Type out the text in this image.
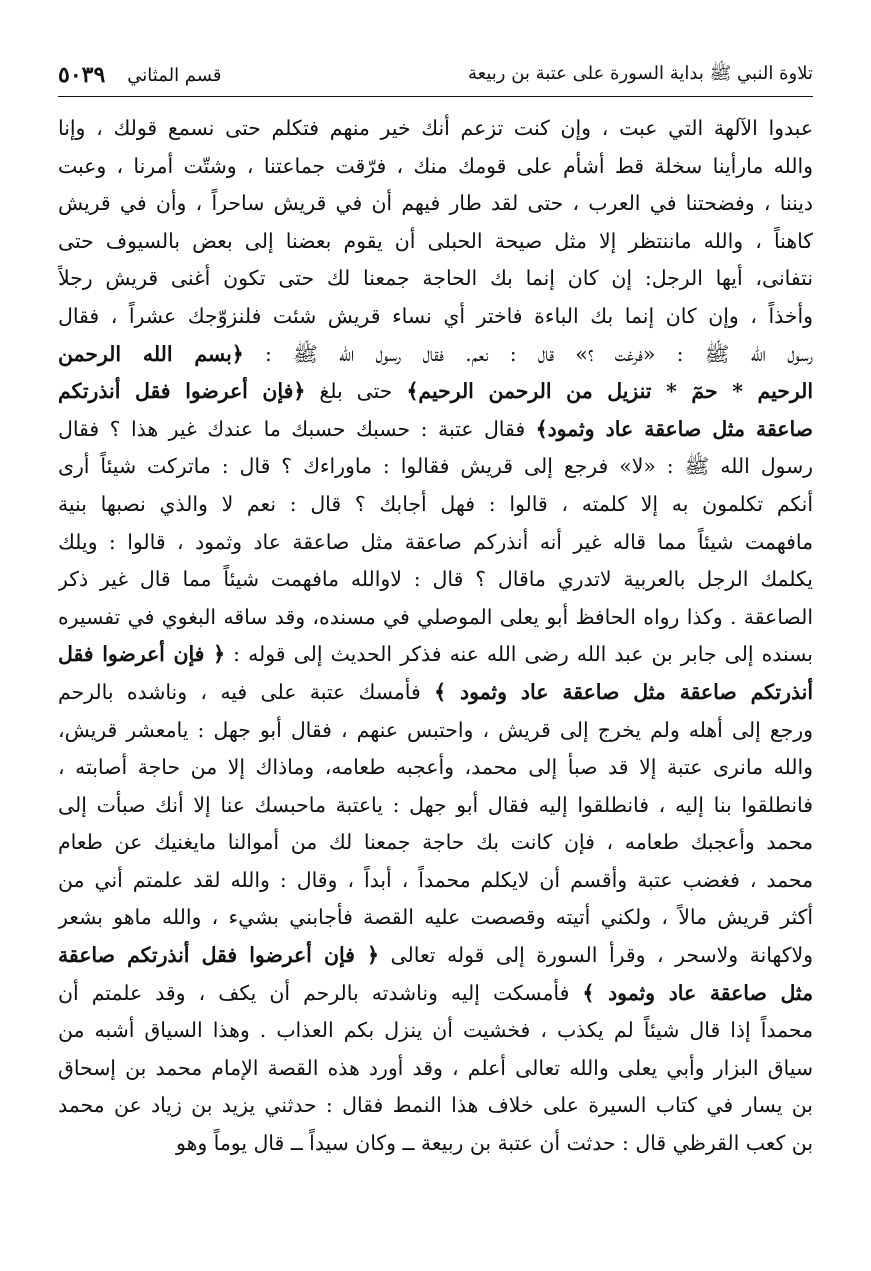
تلاوة النبي ﷺ بداية السورة على عتبة بن ربيعة
قسم المثاني
٥٠٣٩
عبدوا الآلهة التي عبت ، وإن كنت تزعم أنك خير منهم فتكلم حتى نسمع قولك ، وإنا
والله مارأينا سخلة قط أشأم على قومك منك ، فرّقت جماعتنا ، وشتّت أمرنا ، وعبت
ديننا ، وفضحتنا في العرب ، حتى لقد طار فيهم أن في قريش ساحراً ، وأن في قريش
كاهناً ، والله ماننتظر إلا مثل صيحة الحبلى أن يقوم بعضنا إلى بعض بالسيوف حتى
نتفانى، أيها الرجل: إن كان إنما بك الحاجة جمعنا لك حتى تكون أغنى قريش رجلاً
وأخذاً ، وإن كان إنما بك الباءة فاختر أي نساء قريش شئت فلنزوّجك عشراً ، فقال
رسول الله ﷺ : «فرغت ؟» قال : نعم. فقال رسول الله ﷺ : ﴿بسم الله الرحمن
الرحيم * حمٓ * تنزيل من الرحمن الرحيم﴾ حتى بلغ ﴿فإن أعرضوا فقل أنذرتكم
صاعقة مثل صاعقة عاد وثمود﴾ فقال عتبة : حسبك حسبك ما عندك غير هذا ؟ فقال
رسول الله ﷺ : «لا» فرجع إلى قريش فقالوا : ماوراءك ؟ قال : ماتركت شيئاً أرى
أنكم تكلمون به إلا كلمته ، قالوا : فهل أجابك ؟ قال : نعم لا والذي نصبها بنية
مافهمت شيئاً مما قاله غير أنه أنذركم صاعقة مثل صاعقة عاد وثمود ، قالوا : ويلك
يكلمك الرجل بالعربية لاتدري ماقال ؟ قال : لاوالله مافهمت شيئاً مما قال غير ذكر
الصاعقة . وكذا رواه الحافظ أبو يعلى الموصلي في مسنده، وقد ساقه البغوي في تفسيره
بسنده إلى جابر بن عبد الله رضى الله عنه فذكر الحديث إلى قوله : ﴿ فإن أعرضوا فقل
أنذرتكم صاعقة مثل صاعقة عاد وثمود ﴾ فأمسك عتبة على فيه ، وناشده بالرحم
ورجع إلى أهله ولم يخرج إلى قريش ، واحتبس عنهم ، فقال أبو جهل : يامعشر قريش،
والله مانرى عتبة إلا قد صبأ إلى محمد، وأعجبه طعامه، وماذاك إلا من حاجة أصابته ،
فانطلقوا بنا إليه ، فانطلقوا إليه فقال أبو جهل : ياعتبة ماحبسك عنا إلا أنك صبأت إلى
محمد وأعجبك طعامه ، فإن كانت بك حاجة جمعنا لك من أموالنا مايغنيك عن طعام
محمد ، فغضب عتبة وأقسم أن لايكلم محمداً ، أبداً ، وقال : والله لقد علمتم أني من
أكثر قريش مالاً ، ولكني أتيته وقصصت عليه القصة فأجابني بشيء ، والله ماهو بشعر
ولاكهانة ولاسحر ، وقرأ السورة إلى قوله تعالى ﴿ فإن أعرضوا فقل أنذرتكم صاعقة
مثل صاعقة عاد وثمود ﴾ فأمسكت إليه وناشدته بالرحم أن يكف ، وقد علمتم أن
محمداً إذا قال شيئاً لم يكذب ، فخشيت أن ينزل بكم العذاب . وهذا السياق أشبه من
سياق البزار وأبي يعلى والله تعالى أعلم ، وقد أورد هذه القصة الإمام محمد بن إسحاق
بن يسار في كتاب السيرة على خلاف هذا النمط فقال : حدثني يزيد بن زياد عن محمد
بن كعب القرظي قال : حدثت أن عتبة بن ربيعة ــ وكان سيداً ــ قال يوماً وهو
